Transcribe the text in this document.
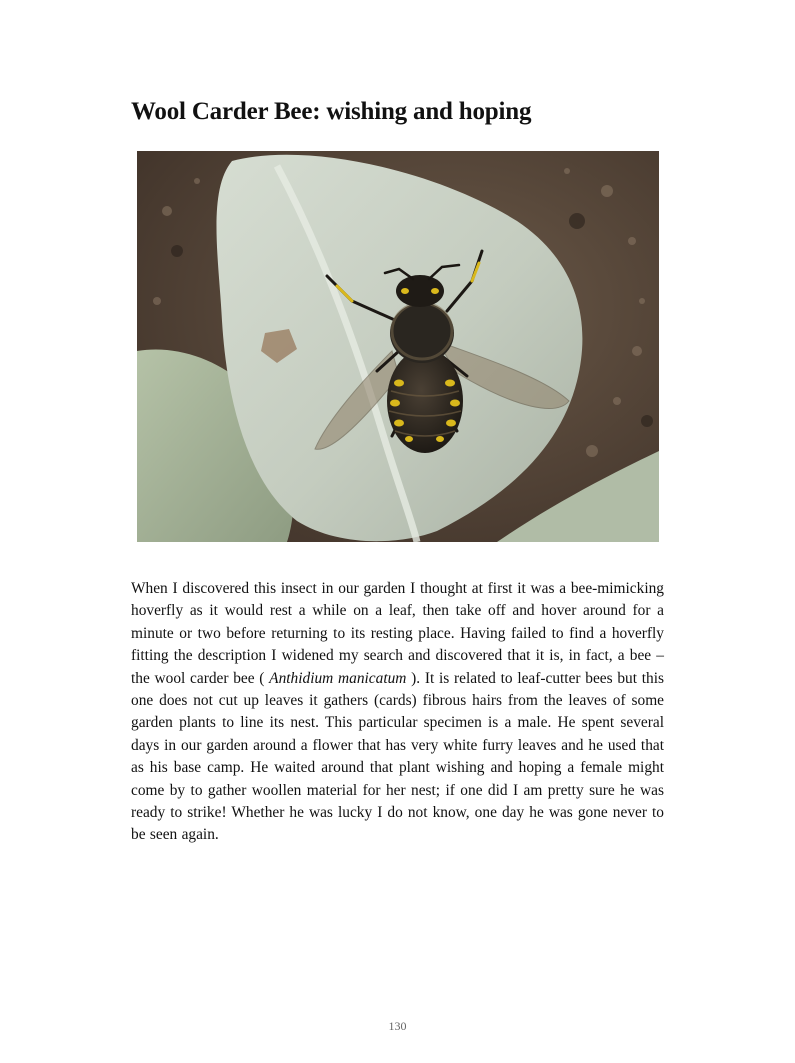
Wool Carder Bee: wishing and hoping

When I discovered this insect in our garden I thought at first it was a bee-mimicking hoverfly as it would rest a while on a leaf, then take off and hover around for a minute or two before returning to its resting place. Having failed to find a hoverfly fitting the description I widened my search and discovered that it is, in fact, a bee – the wool carder bee ( Anthidium manicatum ). It is related to leaf-cutter bees but this one does not cut up leaves it gathers (cards) fibrous hairs from the leaves of some garden plants to line its nest. This particular specimen is a male. He spent several days in our garden around a flower that has very white furry leaves and he used that as his base camp. He waited around that plant wishing and hoping a female might come by to gather woollen material for her nest; if one did I am pretty sure he was ready to strike! Whether he was lucky I do not know, one day he was gone never to be seen again.

130
